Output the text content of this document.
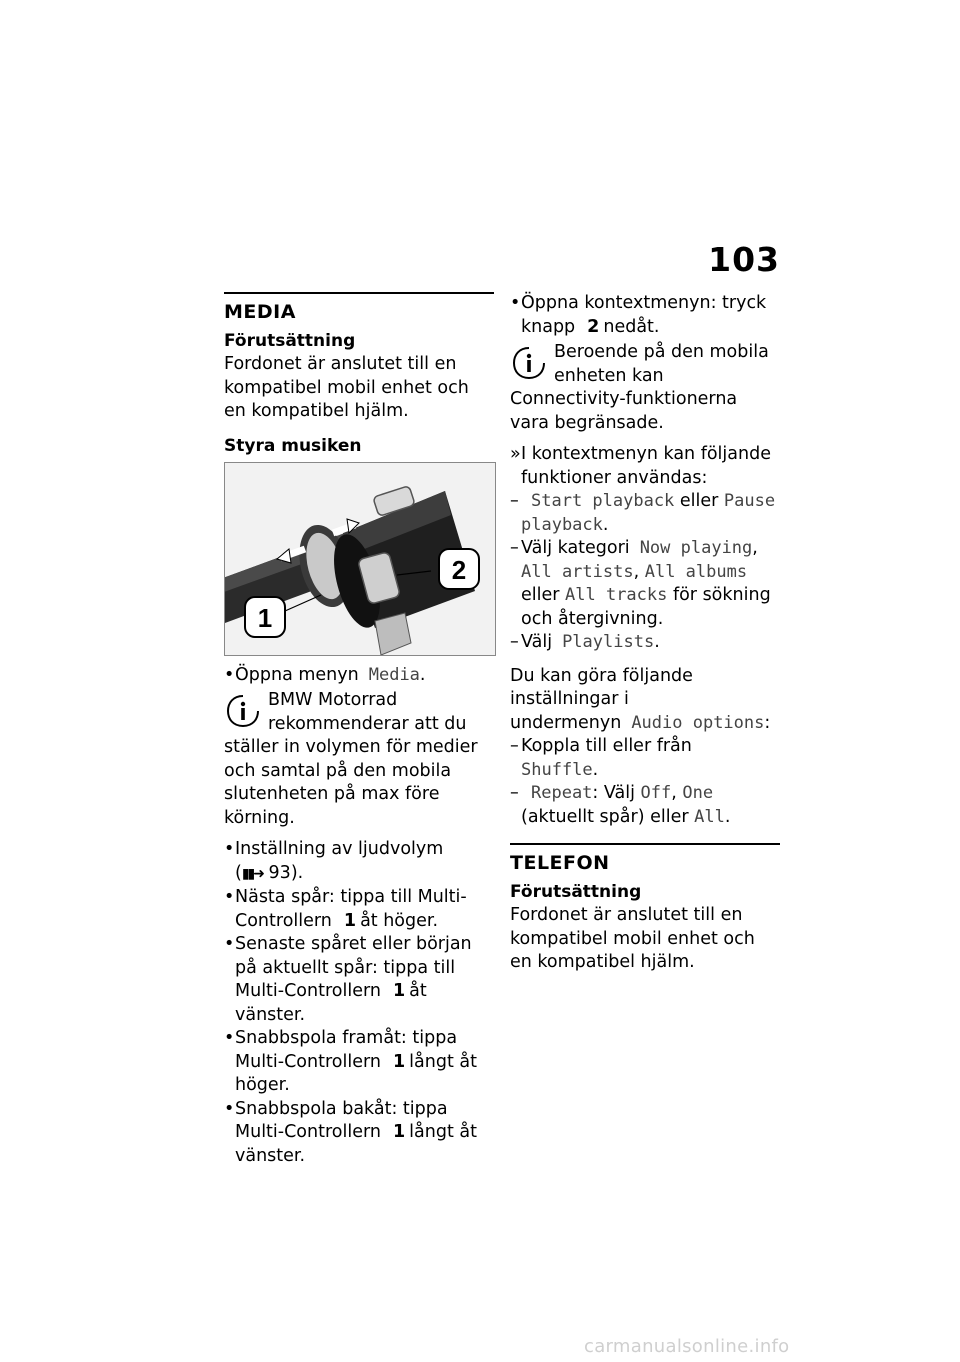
103
MEDIA
Förutsättning

Fordonet är anslutet till en kompatibel mobil enhet och en kompatibel hjälm.

Styra musiken
1
2
• Öppna menyn Media.

BMW Motorrad rekommenderar att du ställer in volymen för medier och samtal på den mobila slutenheten på max före körning.

• Inställning av ljudvolym
(▮▮➜ 93).
• Nästa spår: tippa till Multi-Controllern 1 åt höger.
• Senaste spåret eller början på aktuellt spår: tippa till Multi-Controllern 1 åt vänster.
• Snabbspola framåt: tippa Multi-Controllern 1 långt åt höger.
• Snabbspola bakåt: tippa Multi-Controllern 1 långt åt vänster.
• Öppna kontextmenyn: tryck knapp 2 nedåt.

Beroende på den mobila enheten kan Connectivity-funktionerna vara begränsade.

» I kontextmenyn kan följande funktioner användas:
– Start playback eller Pause playback.
– Välj kategori Now playing, All artists, All albums eller All tracks för sökning och återgivning.
– Välj Playlists.

Du kan göra följande inställningar i undermenyn Audio options:

– Koppla till eller från
Shuffle.
– Repeat: Välj Off, One (aktuellt spår) eller All.
TELEFON
Förutsättning

Fordonet är anslutet till en kompatibel mobil enhet och en kompatibel hjälm.

carmanualsonline.info
